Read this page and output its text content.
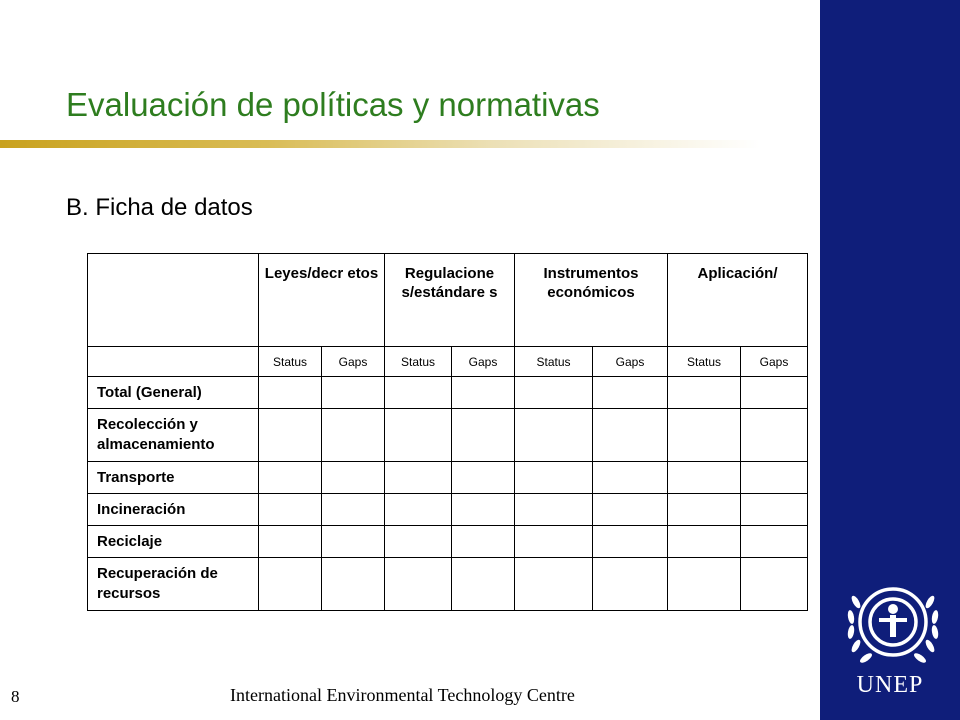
Evaluación de políticas y normativas
B. Ficha de datos
	Leyes/decr etos		Regulacione s/estándare s		Instrumentos económicos		Aplicación/	
	Status	Gaps	Status	Gaps	Status	Gaps	Status	Gaps
Total (General)								
Recolección y almacenamiento								
Transporte								
Incineración								
Reciclaje								
Recuperación de recursos								
8	International Environmental Technology Centre	UNEP
